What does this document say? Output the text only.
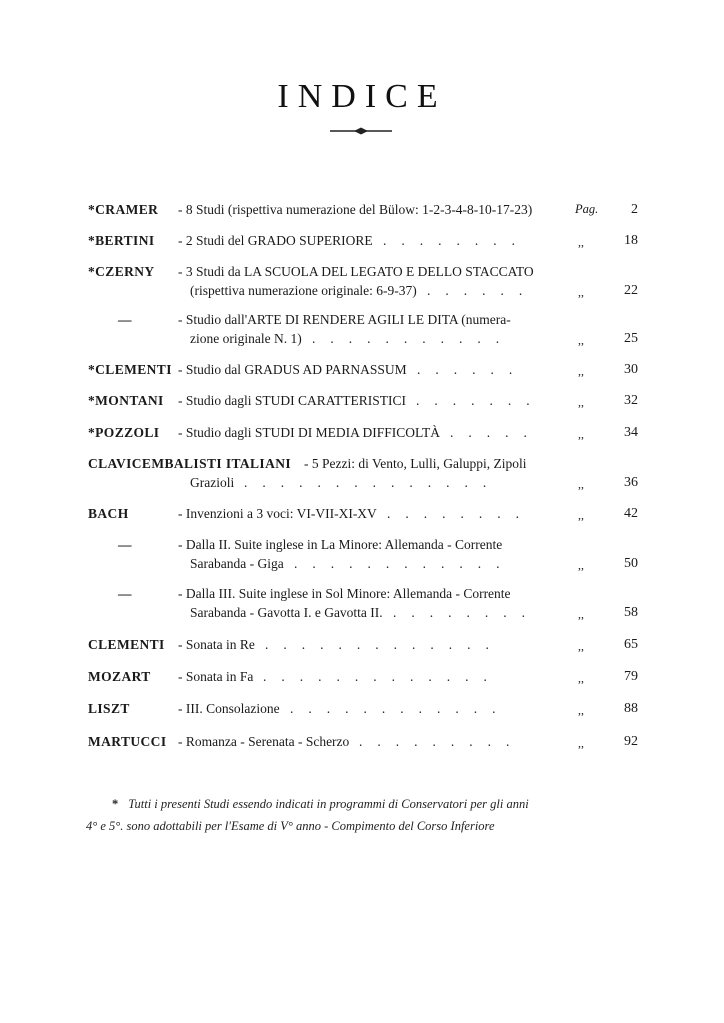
INDICE
*CRAMER - 8 Studi (rispettiva numerazione del Bülow: 1-2-3-4-8-10-17-23)	Pag. 2
*BERTINI - 2 Studi del GRADO SUPERIORE	,,	18
*CZERNY - 3 Studi da LA SCUOLA DEL LEGATO E DELLO STACCATO
(rispettiva numerazione originale: 6-9-37)	,,	22
—	- Studio dall'ARTE DI RENDERE AGILI LE DITA (numera-
zione originale N. 1)	,,	25
*CLEMENTI - Studio dal GRADUS AD PARNASSUM	,,	30
*MONTANI - Studio dagli STUDI CARATTERISTICI	,,	32
*POZZOLI - Studio dagli STUDI DI MEDIA DIFFICOLTÀ	,,	34
CLAVICEMBALISTI ITALIANI - 5 Pezzi: di Vento, Lulli, Galuppi, Zipoli
Grazioli	,,	36
BACH	- Invenzioni a 3 voci: VI-VII-XI-XV	,,	42
—	- Dalla II. Suite inglese in La Minore: Allemanda - Corrente
Sarabanda - Giga	,,	50
—	- Dalla III. Suite inglese in Sol Minore: Allemanda - Corrente
Sarabanda - Gavotta I. e Gavotta II.	,,	58
CLEMENTI - Sonata in Re	,,	65
MOZART - Sonata in Fa	,,	79
LISZT	- III. Consolazione	,,	88
MARTUCCI - Romanza - Serenata - Scherzo	,,	92
........
......
...........
......
.......
.....
..............
........
............
........
.............
.............
............
.........
* Tutti i presenti Studi essendo indicati in programmi di Conservatori per gli anni
4° e 5°. sono adottabili per l'Esame di V° anno - Compimento del Corso Inferiore
